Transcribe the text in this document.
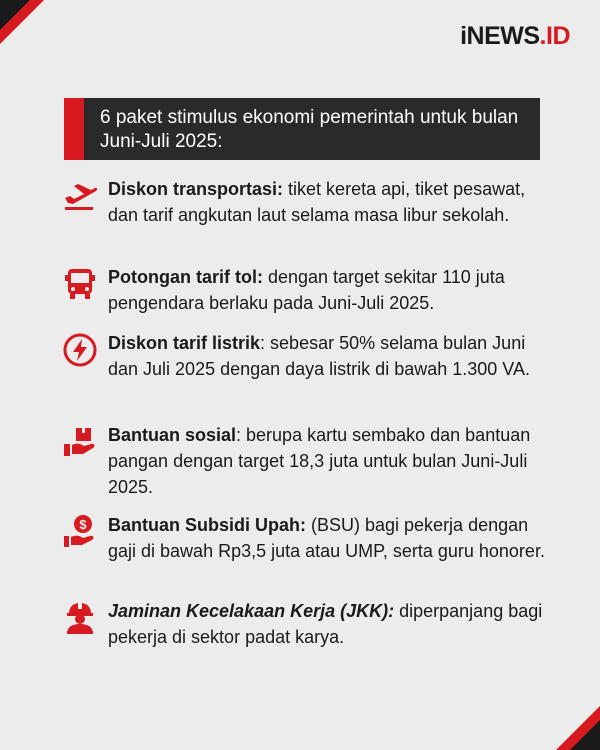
iNEWS.ID

6 paket stimulus ekonomi pemerintah untuk bulan Juni-Juli 2025:

Diskon transportasi: tiket kereta api, tiket pesawat, dan tarif angkutan laut selama masa libur sekolah.

Potongan tarif tol: dengan target sekitar 110 juta pengendara berlaku pada Juni-Juli 2025.

Diskon tarif listrik: sebesar 50% selama bulan Juni dan Juli 2025 dengan daya listrik di bawah 1.300 VA.

Bantuan sosial: berupa kartu sembako dan bantuan pangan dengan target 18,3 juta untuk bulan Juni-Juli 2025.

$ Bantuan Subsidi Upah: (BSU) bagi pekerja dengan gaji di bawah Rp3,5 juta atau UMP, serta guru honorer.

Jaminan Kecelakaan Kerja (JKK): diperpanjang bagi pekerja di sektor padat karya.
